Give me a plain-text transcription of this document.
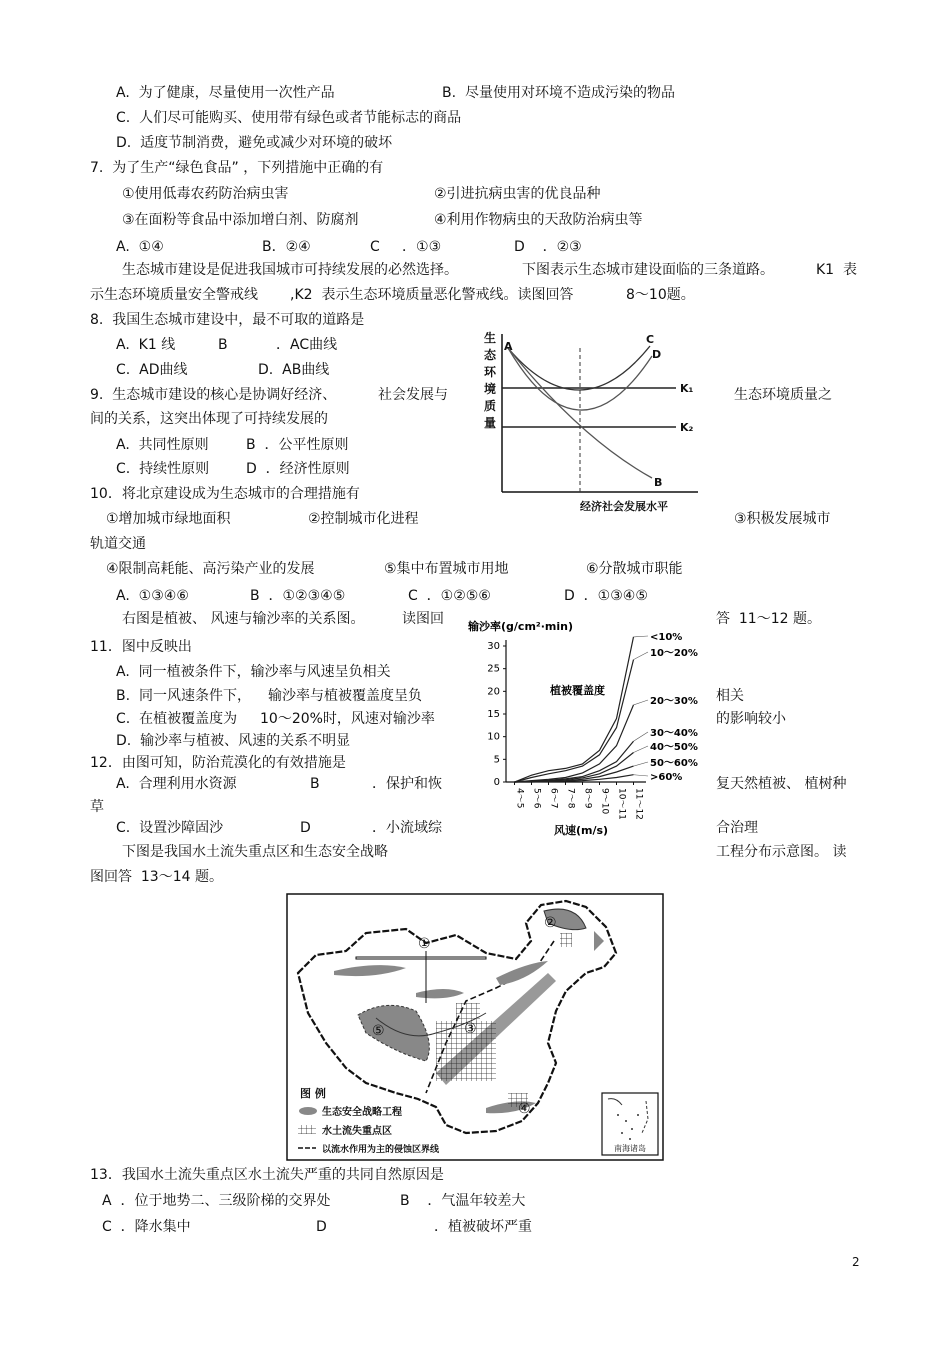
A.  为了健康，尽量使用一次性产品	B.  尽量使用对环境不造成污染的物品
C.  人们尽可能购买、使用带有绿色或者节能标志的商品
D.  适度节制消费，避免或减少对环境的破坏
7.  为了生产“绿色食品” ，下列措施中正确的有
①使用低毒农药防治病虫害	②引进抗病虫害的优良品种
③在面粉等食品中添加增白剂、防腐剂	④利用作物病虫的天敌防治病虫等
A.  ①④	B．②④	C     ．①③	D    ．②③
生态城市建设是促进我国城市可持续发展的必然选择。	下图表示生态城市建设面临的三条道路。	K1  表
示生态环境质量安全警戒线 ,K2  表示生态环境质量恶化警戒线。读图回答	8～10题。
8.  我国生态城市建设中，最不可取的道路是
A.  K1 线	B	．AC曲线
C.  AD曲线	D.  AB曲线
9.  生态城市建设的核心是协调好经济、	社会发展与	生态环境质量之
间的关系，这突出体现了可持续发展的
A.  共同性原则	B  ．公平性原则
C.  持续性原则	D  ．经济性原则
10．将北京建设成为生态城市的合理措施有
①增加城市绿地面积	②控制城市化进程	③积极发展城市
轨道交通
④限制高耗能、高污染产业的发展	⑤集中布置城市用地	⑥分散城市职能
A.  ①③④⑥	B  ．①②③④⑤	C  ．①②⑤⑥	D  ．①③④⑤
右图是植被、 风速与输沙率的关系图。	读图回	答  11～12 题。
11．图中反映出
A.  同一植被条件下，输沙率与风速呈负相关
B.  同一风速条件下， 输沙率与植被覆盖度呈负	相关
C.  在植被覆盖度为 10～20%时，风速对输沙率	的影响较小
D.  输沙率与植被、风速的关系不明显
12．由图可知，防治荒漠化的有效措施是
A.  合理利用水资源	B	．保护和恢	复天然植被、 植树种
草
C.  设置沙障固沙	D	．小流域综	合治理
下图是我国水土流失重点区和生态安全战略	工程分布示意图。 读
图回答  13～14 题。
13．我国水土流失重点区水土流失严重的共同自然原因是
A  ．位于地势二、三级阶梯的交界处	B    ．气温年较差大
C  ．降水集中	D	．植被破坏严重
2
生
态
环
境
质
量
A
C
D
K₁
K₂
B
经济社会发展水平
输沙率(g/cm²·min)
植被覆盖度
0
5
10
15
20
25
30
4～5 5～6 6～7 7～8 8～9 9～10 10～11 11～12
<10%
10～20%
20～30%
30～40%
40～50%
50～60%
>60%
风速(m/s)
①
②
③
④
⑤
图 例
生态安全战略工程
水土流失重点区
以流水作用为主的侵蚀区界线	南海诸岛
